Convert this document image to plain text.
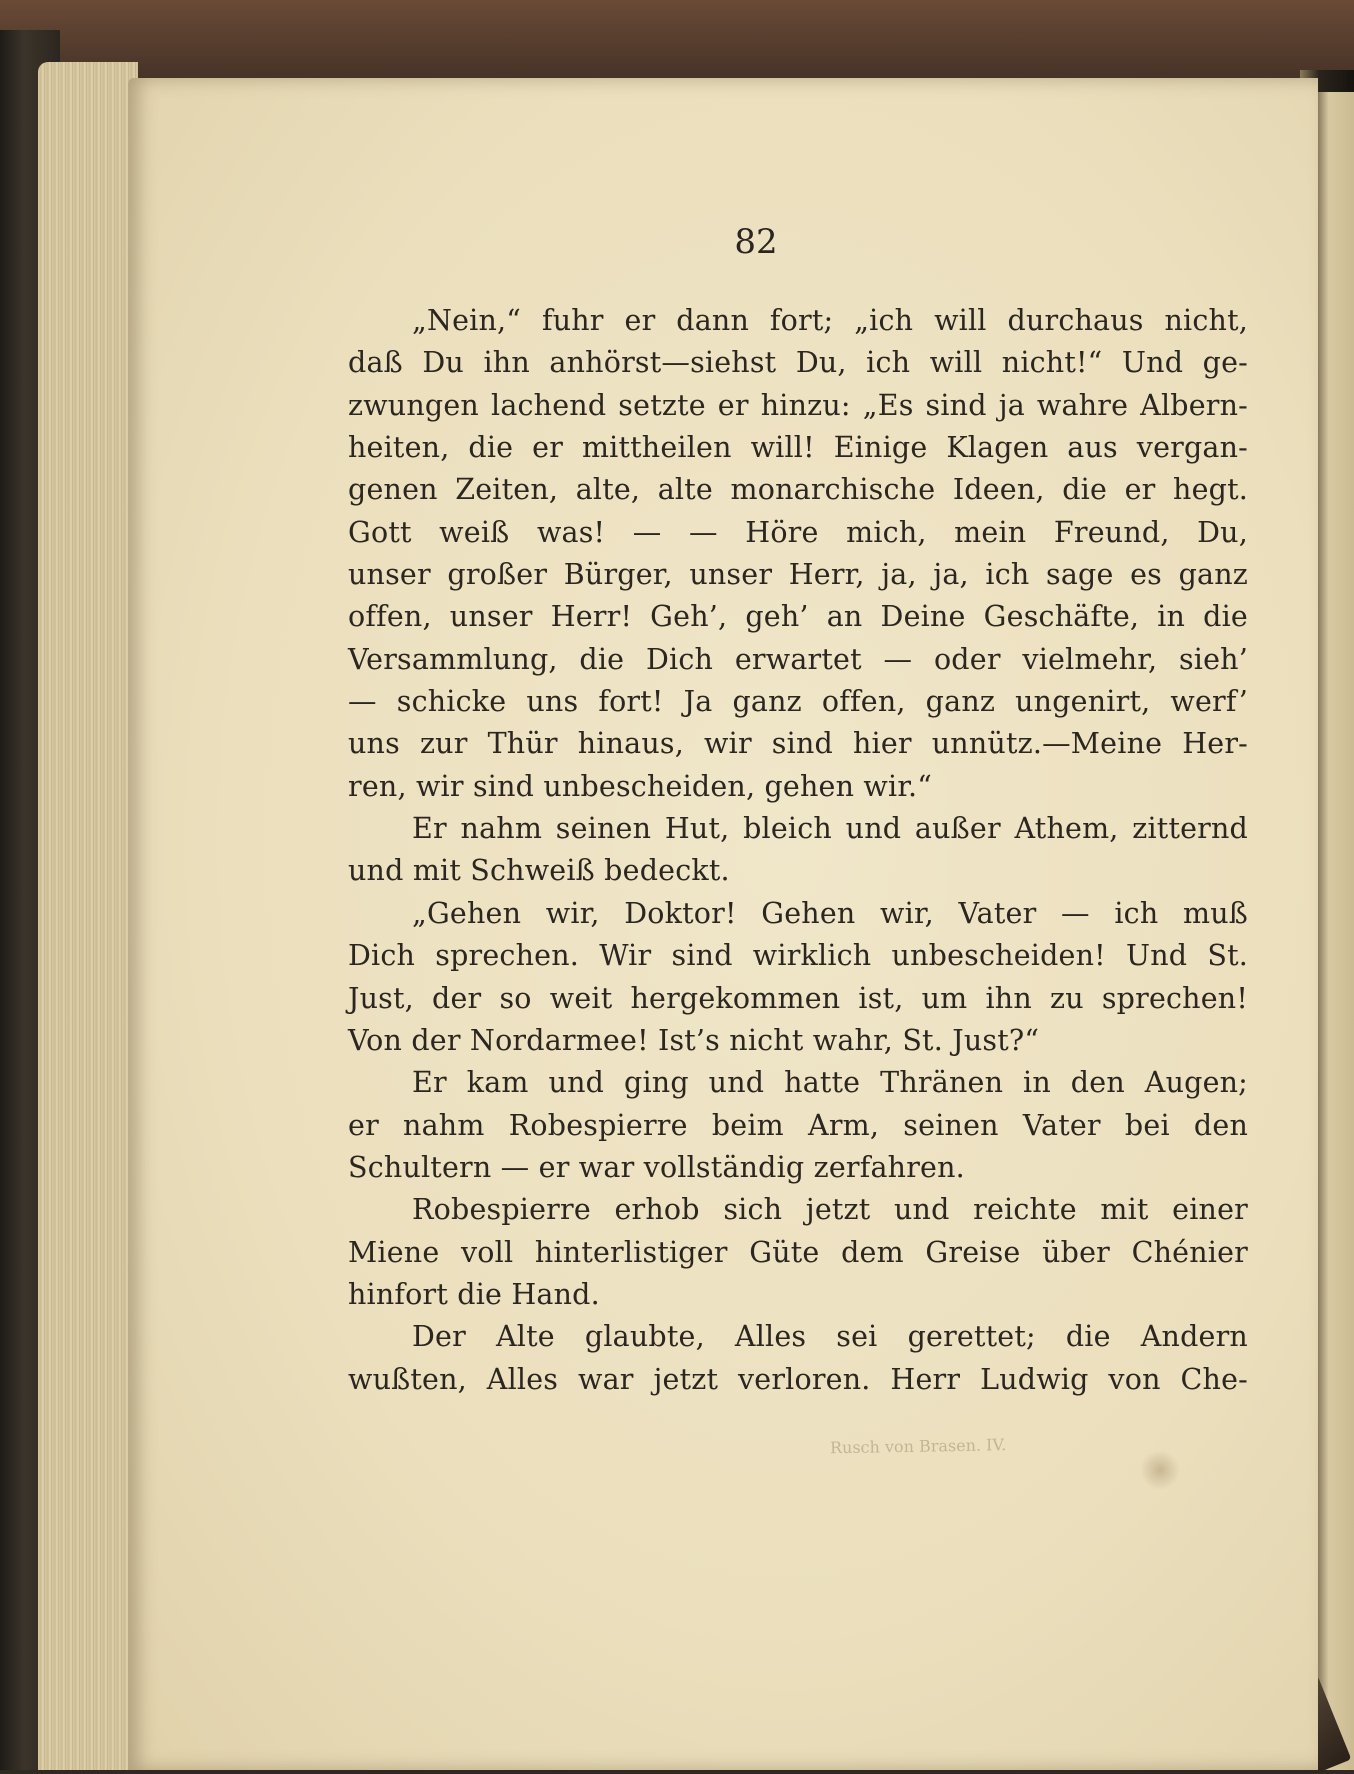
82
„Nein,“ fuhr er dann fort; „ich will durchaus nicht,
daß Du ihn anhörst—siehst Du, ich will nicht!“ Und ge-
zwungen lachend setzte er hinzu: „Es sind ja wahre Albern-
heiten, die er mittheilen will! Einige Klagen aus vergan-
genen Zeiten, alte, alte monarchische Ideen, die er hegt.
Gott weiß was! — — Höre mich, mein Freund, Du,
unser großer Bürger, unser Herr, ja, ja, ich sage es ganz
offen, unser Herr! Geh’, geh’ an Deine Geschäfte, in die
Versammlung, die Dich erwartet — oder vielmehr, sieh’
— schicke uns fort! Ja ganz offen, ganz ungenirt, werf’
uns zur Thür hinaus, wir sind hier unnütz.—Meine Her-
ren, wir sind unbescheiden, gehen wir.“
Er nahm seinen Hut, bleich und außer Athem, zitternd
und mit Schweiß bedeckt.
„Gehen wir, Doktor! Gehen wir, Vater — ich muß
Dich sprechen. Wir sind wirklich unbescheiden! Und St.
Just, der so weit hergekommen ist, um ihn zu sprechen!
Von der Nordarmee! Ist’s nicht wahr, St. Just?“
Er kam und ging und hatte Thränen in den Augen;
er nahm Robespierre beim Arm, seinen Vater bei den
Schultern — er war vollständig zerfahren.
Robespierre erhob sich jetzt und reichte mit einer
Miene voll hinterlistiger Güte dem Greise über Chénier
hinfort die Hand.
Der Alte glaubte, Alles sei gerettet; die Andern
wußten, Alles war jetzt verloren. Herr Ludwig von Che-
Rusch von Brasen. IV.
